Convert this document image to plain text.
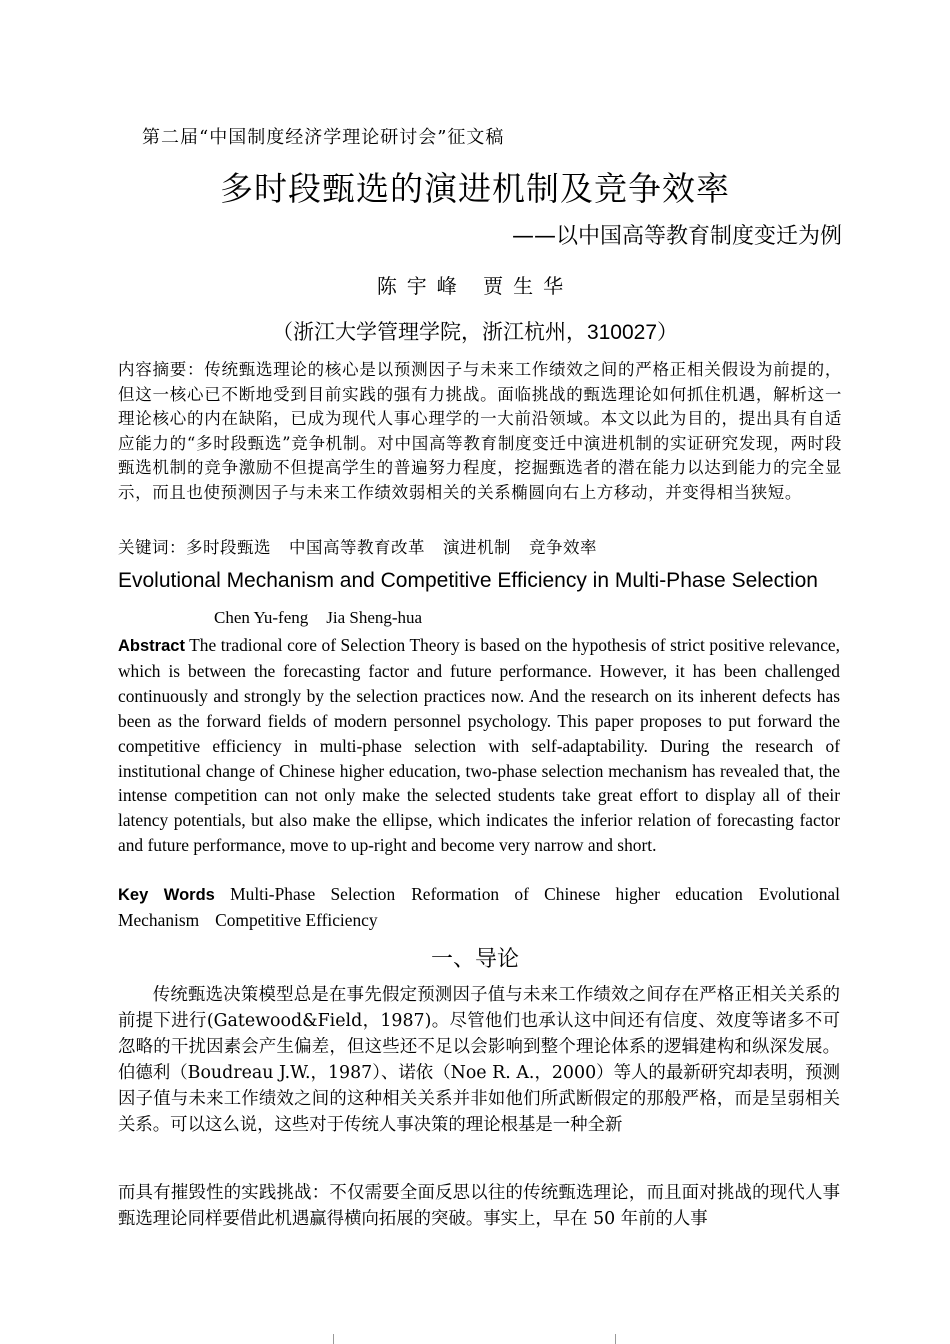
第二届“中国制度经济学理论研讨会”征文稿
多时段甄选的演进机制及竞争效率
——以中国高等教育制度变迁为例
陈宇峰 贾生华
（浙江大学管理学院，浙江杭州，310027）
内容摘要：传统甄选理论的核心是以预测因子与未来工作绩效之间的严格正相关假设为前提的，但这一核心已不断地受到目前实践的强有力挑战。面临挑战的甄选理论如何抓住机遇，解析这一理论核心的内在缺陷，已成为现代人事心理学的一大前沿领域。本文以此为目的，提出具有自适应能力的“多时段甄选”竞争机制。对中国高等教育制度变迁中演进机制的实证研究发现，两时段甄选机制的竞争激励不但提高学生的普遍努力程度，挖掘甄选者的潜在能力以达到能力的完全显示，而且也使预测因子与未来工作绩效弱相关的关系椭圆向右上方移动，并变得相当狭短。
关键词：多时段甄选 中国高等教育改革 演进机制 竞争效率
Evolutional Mechanism and Competitive Efficiency in Multi-Phase Selection
Chen Yu-feng Jia Sheng-hua
Abstract The tradional core of Selection Theory is based on the hypothesis of strict positive relevance, which is between the forecasting factor and future performance. However, it has been challenged continuously and strongly by the selection practices now. And the research on its inherent defects has been as the forward fields of modern personnel psychology. This paper proposes to put forward the competitive efficiency in multi-phase selection with self-adaptability. During the research of institutional change of Chinese higher education, two-phase selection mechanism has revealed that, the intense competition can not only make the selected students take great effort to display all of their latency potentials, but also make the ellipse, which indicates the inferior relation of forecasting factor and future performance, move to up-right and become very narrow and short.
Key Words Multi-Phase Selection Reformation of Chinese higher education Evolutional Mechanism Competitive Efficiency
一、导论
传统甄选决策模型总是在事先假定预测因子值与未来工作绩效之间存在严格正相关关系的前提下进行(Gatewood&Field，1987)。尽管他们也承认这中间还有信度、效度等诸多不可忽略的干扰因素会产生偏差，但这些还不足以会影响到整个理论体系的逻辑建构和纵深发展。伯德利（Boudreau J.W.，1987）、诺依（Noe R. A.，2000）等人的最新研究却表明，预测因子值与未来工作绩效之间的这种相关关系并非如他们所武断假定的那般严格，而是呈弱相关关系。可以这么说，这些对于传统人事决策的理论根基是一种全新
而具有摧毁性的实践挑战：不仅需要全面反思以往的传统甄选理论，而且面对挑战的现代人事甄选理论同样要借此机遇赢得横向拓展的突破。事实上，早在 50 年前的人事
